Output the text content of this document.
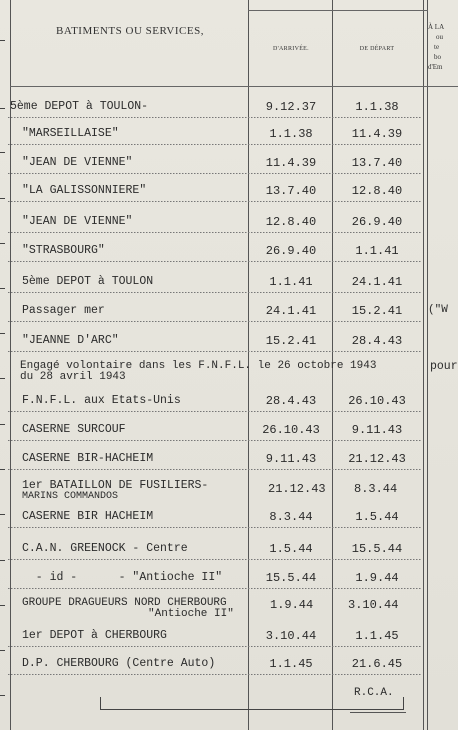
BATIMENTS OU SERVICES,
D'ARRIVÉE.	DE DÉPART
À LA
ou
te
bo
d'Em
5ème DEPOT à TOULON-	9.12.37	1.1.38
"MARSEILLAISE"	1.1.38	11.4.39
"JEAN DE VIENNE"	11.4.39	13.7.40
"LA GALISSONNIERE"	13.7.40	12.8.40
"JEAN DE VIENNE"	12.8.40	26.9.40
"STRASBOURG"	26.9.40	1.1.41
5ème DEPOT à TOULON	1.1.41	24.1.41
Passager mer	24.1.41	15.2.41	("W
"JEANNE D'ARC"	15.2.41	28.4.43
Engagé volontaire dans les F.N.F.L. le 26 octobre 1943
du 28 avril 1943
pour
F.N.F.L. aux Etats-Unis	28.4.43	26.10.43
CASERNE SURCOUF	26.10.43	9.11.43
CASERNE BIR-HACHEIM	9.11.43	21.12.43
1er BATAILLON DE FUSILIERS-
MARINS COMMANDOS
21.12.43 8.3.44
CASERNE BIR HACHEIM	8.3.44	1.5.44
C.A.N. GREENOCK - Centre	1.5.44	15.5.44
- id -      - "Antioche II"	15.5.44	1.9.44
GROUPE DRAGUEURS NORD CHERBOURG
"Antioche II"
1.9.44	3.10.44
1er DEPOT à CHERBOURG	3.10.44	1.1.45
D.P. CHERBOURG (Centre Auto)	1.1.45	21.6.45
R.C.A.
